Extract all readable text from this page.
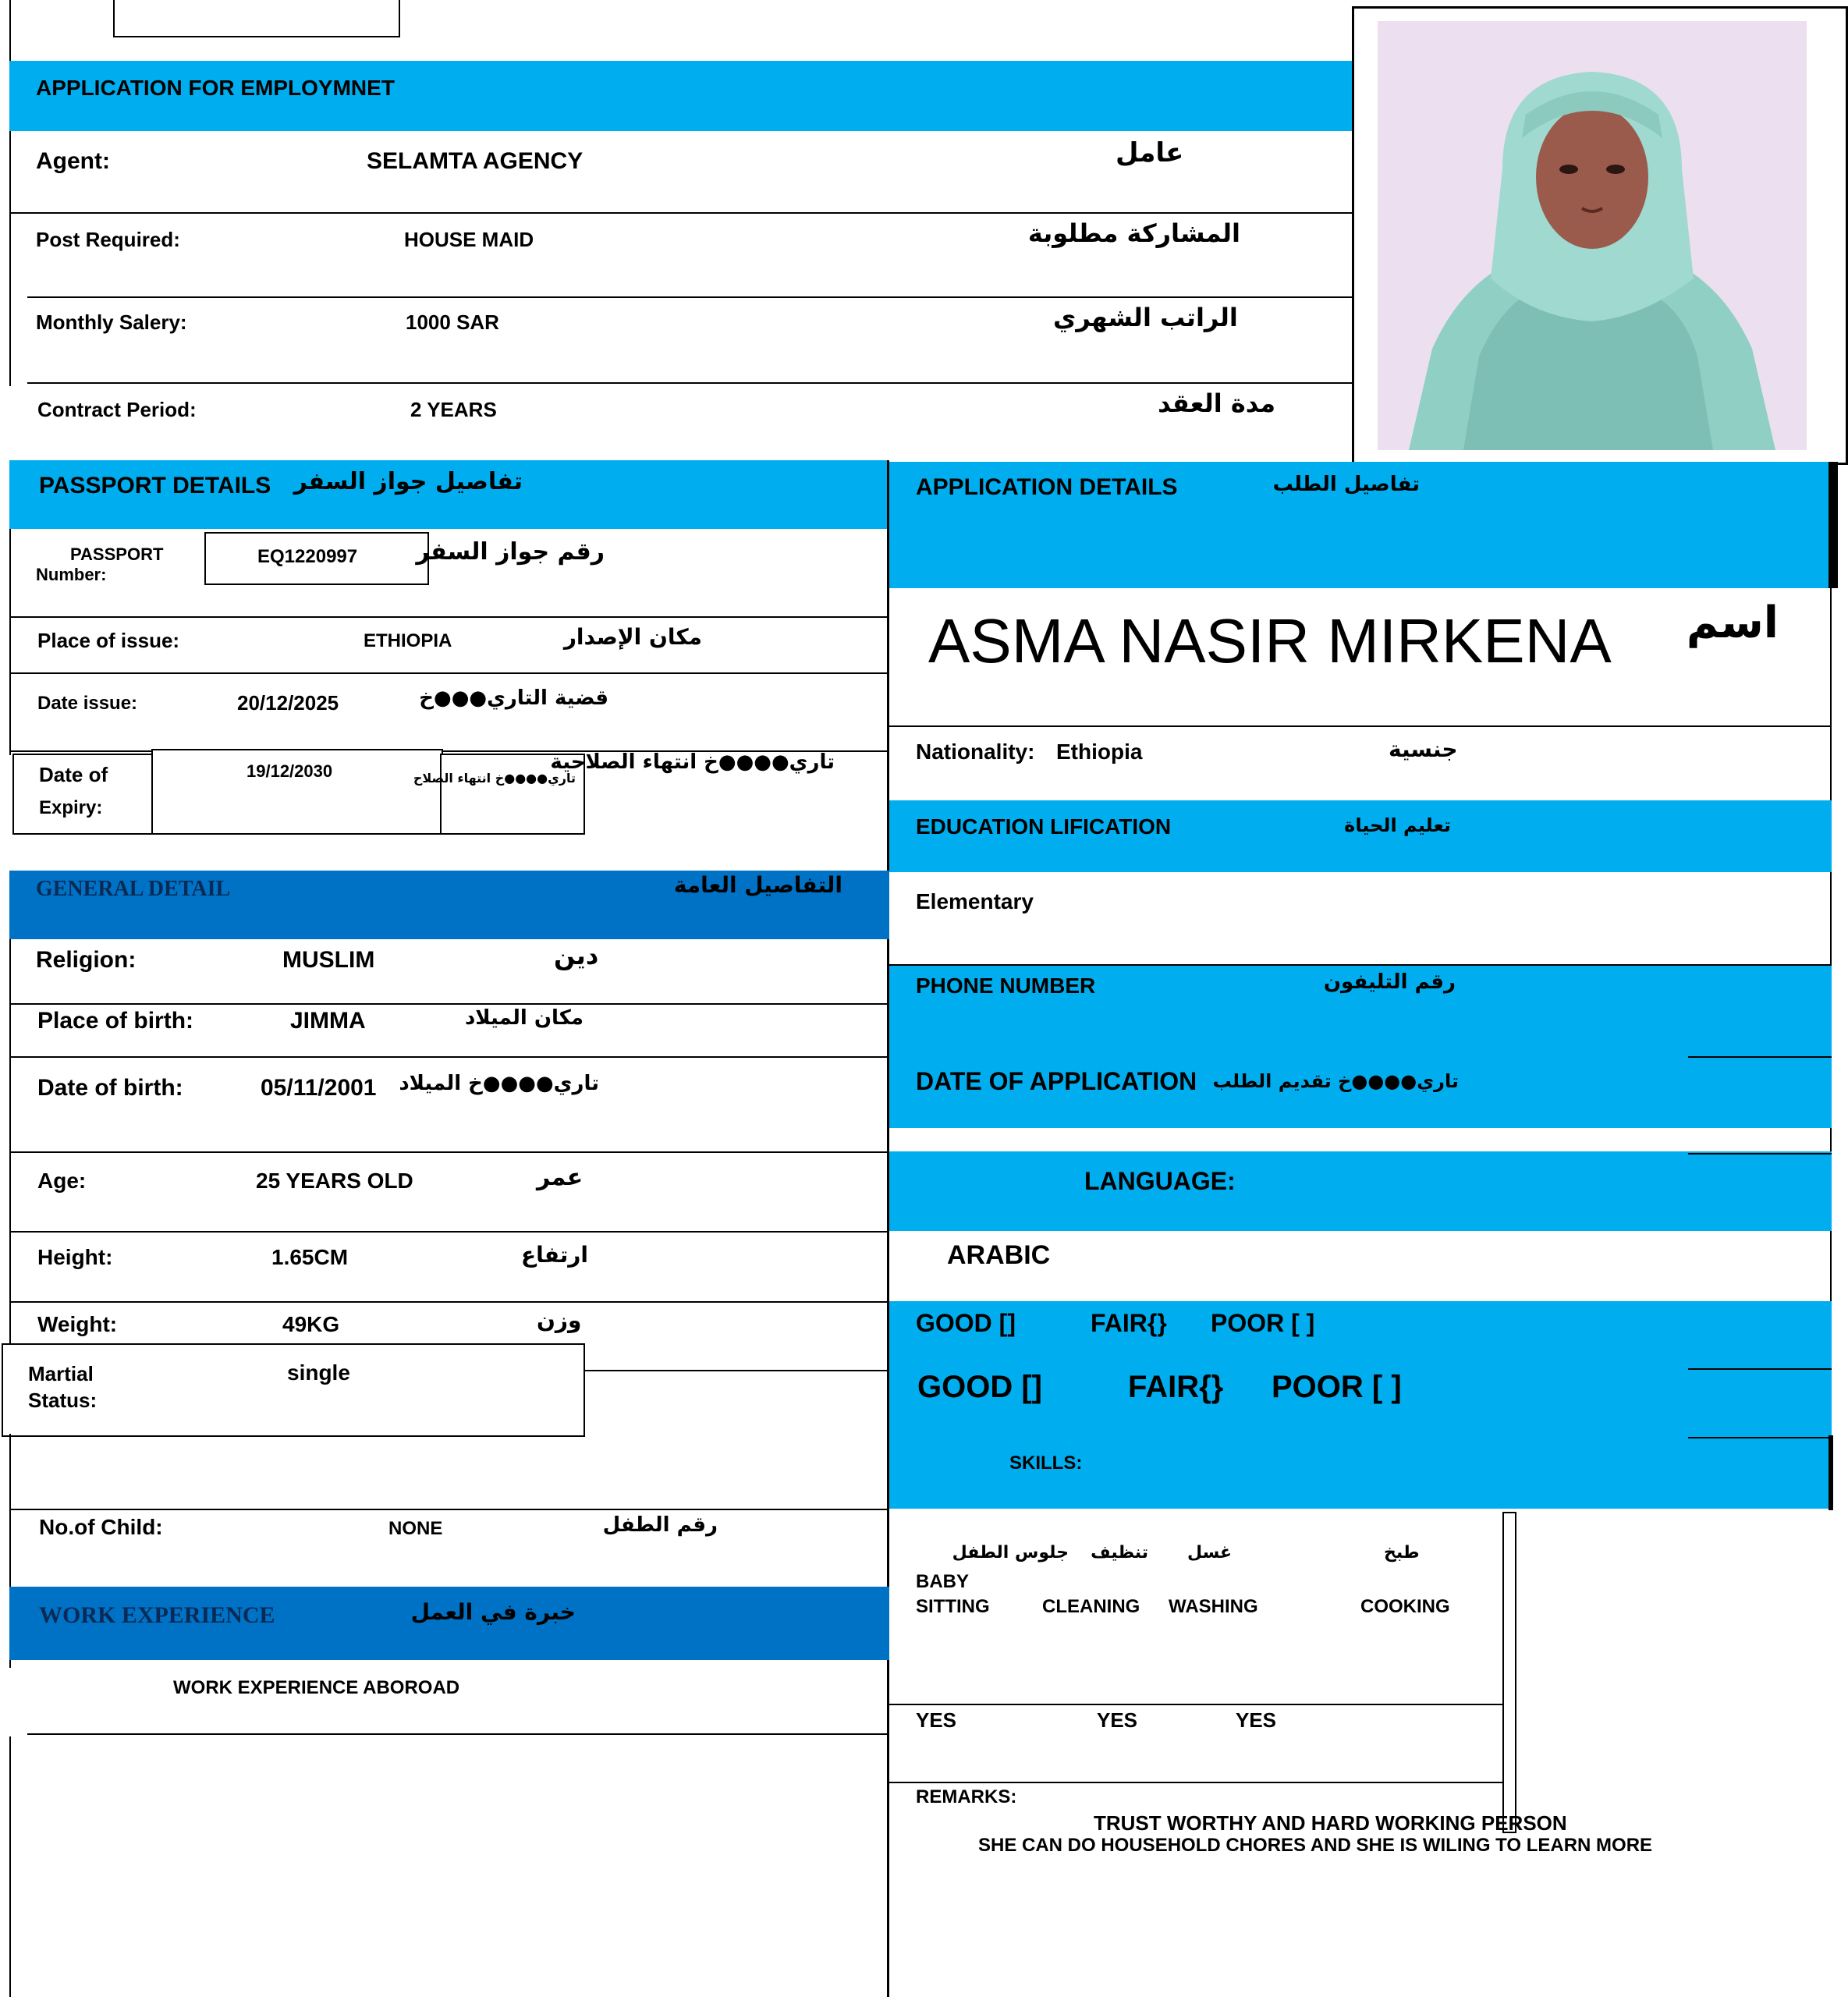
APPLICATION FOR EMPLOYMNET
Agent:	SELAMTA AGENCY	عامل
Post Required:	HOUSE MAID	المشاركة مطلوبة
Monthly Salery:	1000 SAR	الراتب الشهري
Contract Period:	2 YEARS	مدة العقد
PASSPORT DETAILS تفاصيل جواز السفر
PASSPORT
Number:
EQ1220997	رقم جواز السفر
Place of issue:	ETHIOPIA	مكان الإصدار
Date issue:	20/12/2025	قضية التاري●●●خ
Date of
Expiry:
19/12/2030	تاري●●●●خ انتهاء الصلاح
تاري●●●●خ انتهاء الصلاحية
GENERAL DETAIL	التفاصيل العامة
Religion:	MUSLIM	دين
Place of birth:	JIMMA	مكان الميلاد
Date of birth:	05/11/2001 تاري●●●●خ الميلاد
Age:	25 YEARS OLD	عمر
Height:	1.65CM	ارتفاع
Weight:	49KG	وزن
Martial
Status:
single
No.of Child:	NONE	رقم الطفل
WORK EXPERIENCE	خبرة في العمل
WORK EXPERIENCE ABOROAD
APPLICATION DETAILS	تفاصيل الطلب
ASMA NASIR MIRKENA اسم
Nationality: Ethiopia	جنسية
EDUCATION LIFICATION	تعليم الحياة
Elementary
PHONE NUMBER	رقم التليفون
DATE OF APPLICATION تاري●●●●خ تقديم الطلب
LANGUAGE:
ARABIC
GOOD []	FAIR{} POOR [ ]
GOOD []	FAIR{} POOR [ ]
SKILLS:
جلوس الطفل تنظيف غسل	طبخ
BABY
SITTING	CLEANING WASHING	COOKING
YES	YES	YES
REMARKS:
TRUST WORTHY AND HARD WORKING PERSON
SHE CAN DO HOUSEHOLD CHORES AND SHE IS WILING TO LEARN MORE
